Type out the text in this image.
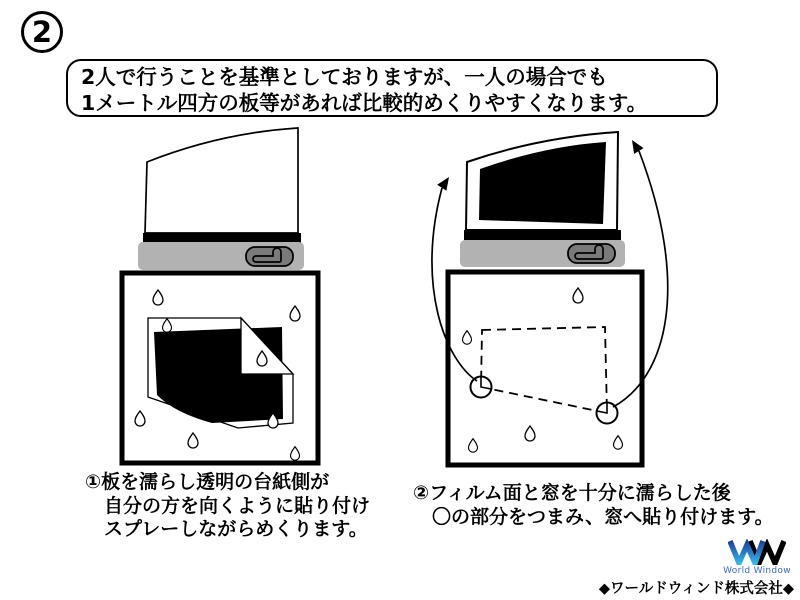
2
2人で行うことを基準としておりますが、一人の場合でも
1メートル四方の板等があれば比較的めくりやすくなります。
①板を濡らし透明の台紙側が
自分の方を向くように貼り付け
スプレーしながらめくります。
②フィルム面と窓を十分に濡らした後
〇の部分をつまみ、窓へ貼り付けます。
World Window
◆ワールドウィンド株式会社◆
